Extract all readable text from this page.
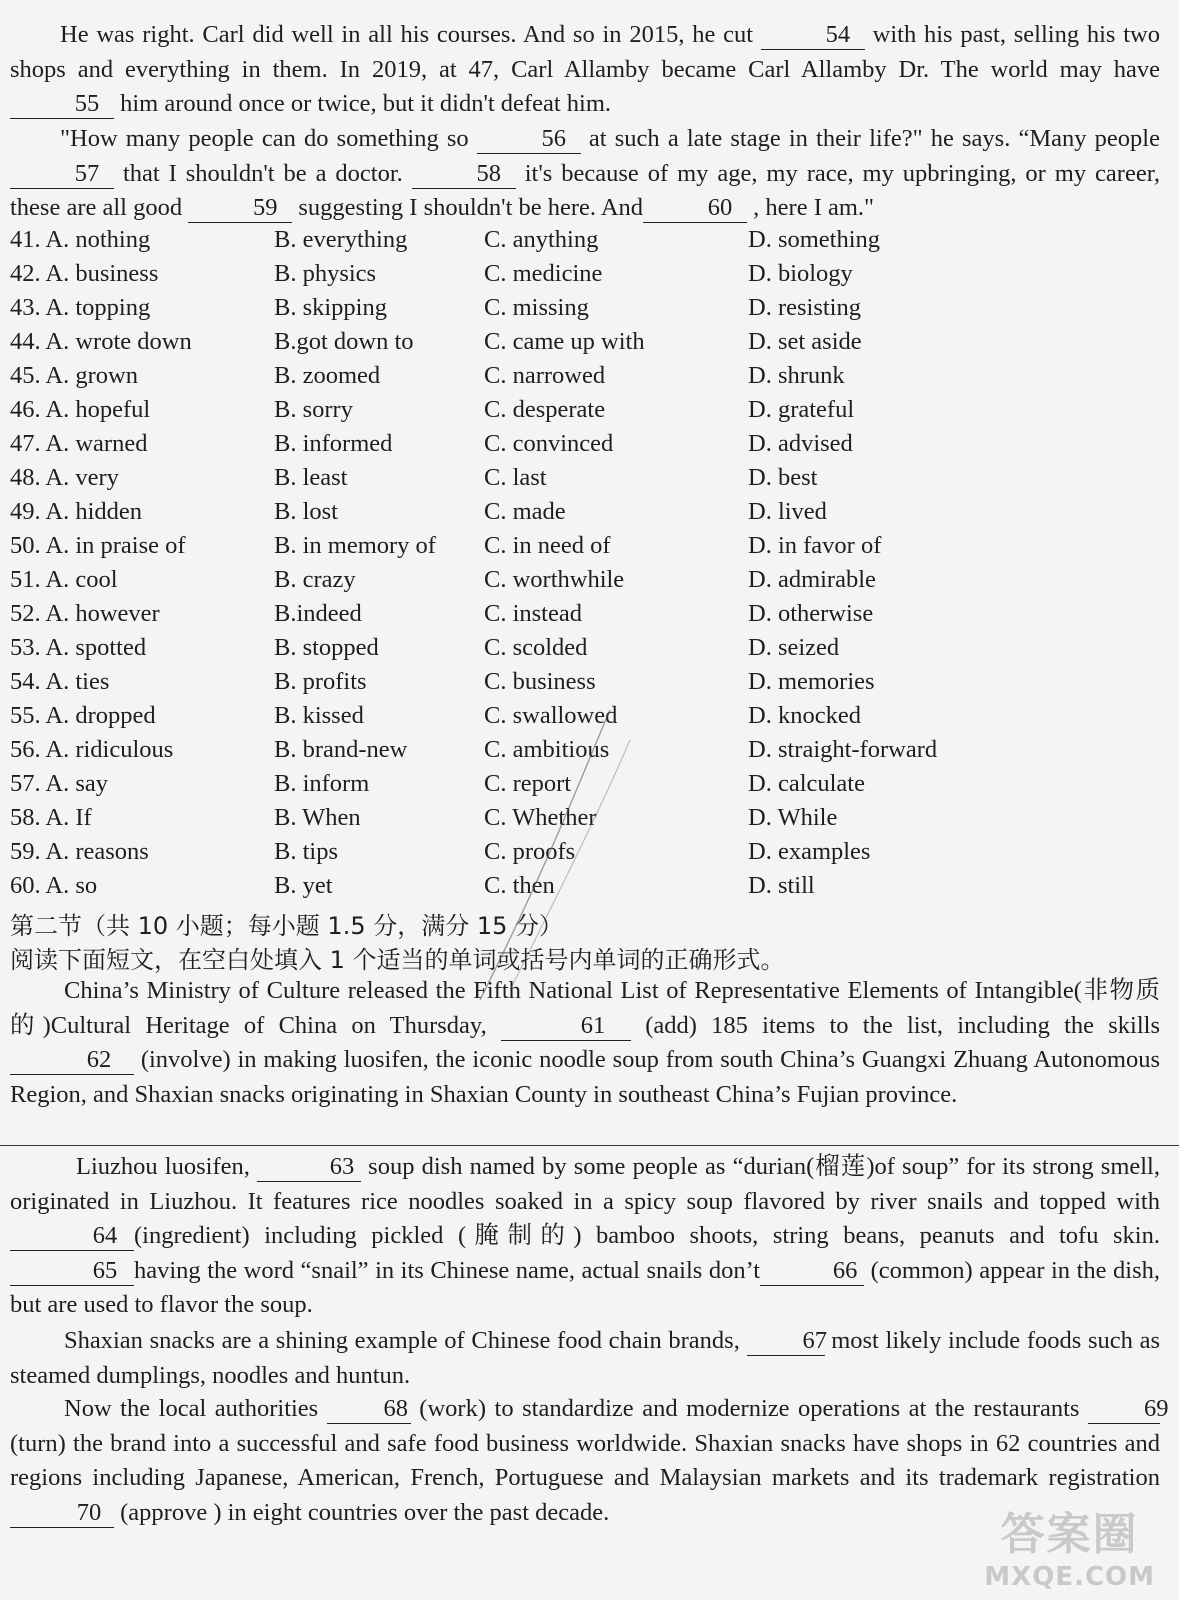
He was right. Carl did well in all his courses. And so in 2015, he cut	54 with his past, selling his two shops and everything in them. In 2019, at 47, Carl Allamby became Carl Allamby Dr. The world may have55 him around once or twice, but it didn't defeat him.

"How many people can do something so	56 at such a late stage in their life?" he says. “Many people 57 that I shouldn't be a doctor.	58 it's because of my age, my race, my upbringing, or my career, these are all good	59 suggesting I shouldn't be here. And	60 , here I am."

41. A. nothing	B. everything	C. anything	D. something
42. A. business	B. physics	C. medicine	D. biology
43. A. topping	B. skipping	C. missing	D. resisting
44. A. wrote down	B.got down to	C. came up with	D. set aside
45. A. grown	B. zoomed	C. narrowed	D. shrunk
46. A. hopeful	B. sorry	C. desperate	D. grateful
47. A. warned	B. informed	C. convinced	D. advised
48. A. very	B. least	C. last	D. best
49. A. hidden	B. lost	C. made	D. lived
50. A. in praise of	B. in memory of C. in need of	D. in favor of
51. A. cool	B. crazy	C. worthwhile	D. admirable
52. A. however	B.indeed	C. instead	D. otherwise
53. A. spotted	B. stopped	C. scolded	D. seized
54. A. ties	B. profits	C. business	D. memories
55. A. dropped	B. kissed	C. swallowed	D. knocked
56. A. ridiculous	B. brand-new	C. ambitious	D. straight-forward
57. A. say	B. inform	C. report	D. calculate
58. A. If	B. When	C. Whether	D. While
59. A. reasons	B. tips	C. proofs	D. examples
60. A. so	B. yet	C. then	D. still
第二节（共 10 小题；每小题 1.5 分，满分 15 分）
阅读下面短文，在空白处填入 1 个适当的单词或括号内单词的正确形式。

China’s Ministry of Culture released the Fifth National List of Representative Elements of Intangible(非物质的)Cultural Heritage of China on Thursday,	61 (add) 185 items to the list, including the skills 62 (involve) in making luosifen, the iconic noodle soup from south China’s Guangxi Zhuang Autonomous Region, and Shaxian snacks originating in Shaxian County in southeast China’s Fujian province.

Liuzhou luosifen,	63 soup dish named by some people as “durian(榴莲)of soup” for its strong smell, originated in Liuzhou. It features rice noodles soaked in a spicy soup flavored by river snails and topped with64 (ingredient) including pickled (腌制的) bamboo shoots, string beans, peanuts and tofu skin. 65 having the word “snail” in its Chinese name, actual snails don’t	66 (common) appear in the dish, but are used to flavor the soup.

Shaxian snacks are a shining example of Chinese food chain brands, 67 most likely include foods such as steamed dumplings, noodles and huntun.

Now the local authorities 68 (work) to standardize and modernize operations at the restaurants 69 (turn) the brand into a successful and safe food business worldwide. Shaxian snacks have shops in 62 countries and regions including Japanese, American, French, Portuguese and Malaysian markets and its trademark registration 70 (approve ) in eight countries over the past decade.	答案圈
MXQE.COM
